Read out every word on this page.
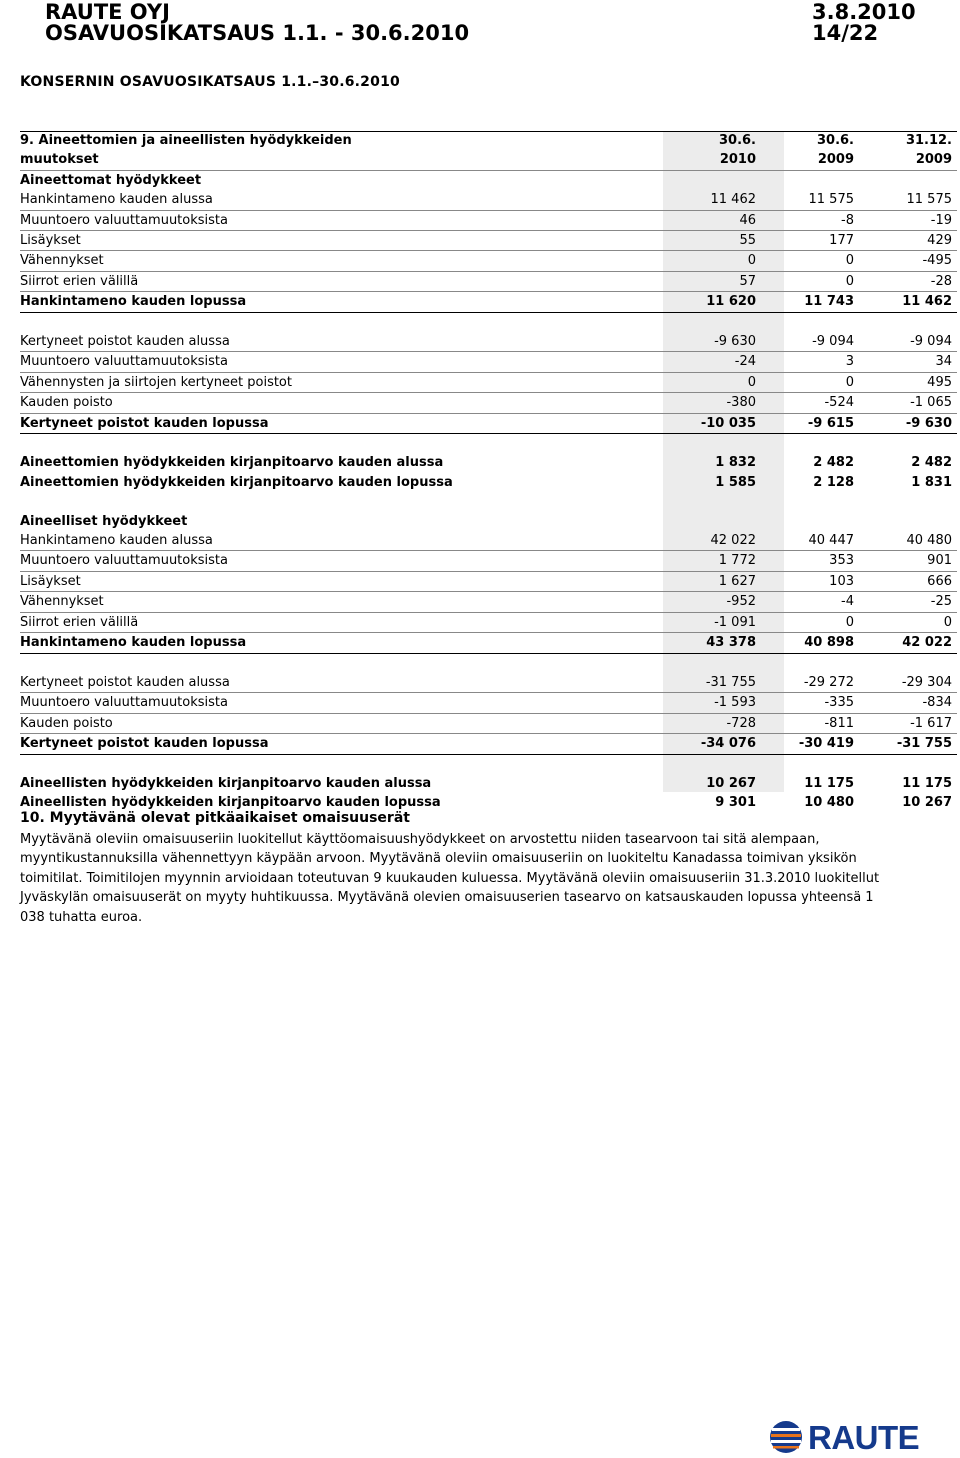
RAUTE OYJ
OSAVUOSIKATSAUS 1.1. - 30.6.2010
3.8.2010
14/22
KONSERNIN OSAVUOSIKATSAUS 1.1.–30.6.2010
9. Aineettomien ja aineellisten hyödykkeiden	30.6.	30.6.	31.12.
muutokset	2010	2009	2009
Aineettomat hyödykkeet			
Hankintameno kauden alussa	11 462	11 575	11 575
Muuntoero valuuttamuutoksista	46	-8	-19
Lisäykset	55	177	429
Vähennykset	0	0	-495
Siirrot erien välillä	57	0	-28
Hankintameno kauden lopussa	11 620	11 743	11 462

Kertyneet poistot kauden alussa	-9 630	-9 094	-9 094
Muuntoero valuuttamuutoksista	-24	3	34
Vähennysten ja siirtojen kertyneet poistot	0	0	495
Kauden poisto	-380	-524	-1 065
Kertyneet poistot kauden lopussa	-10 035	-9 615	-9 630

Aineettomien hyödykkeiden kirjanpitoarvo kauden alussa	1 832	2 482	2 482
Aineettomien hyödykkeiden kirjanpitoarvo kauden lopussa	1 585	2 128	1 831

Aineelliset hyödykkeet			
Hankintameno kauden alussa	42 022	40 447	40 480
Muuntoero valuuttamuutoksista	1 772	353	901
Lisäykset	1 627	103	666
Vähennykset	-952	-4	-25
Siirrot erien välillä	-1 091	0	0
Hankintameno kauden lopussa	43 378	40 898	42 022

Kertyneet poistot kauden alussa	-31 755	-29 272	-29 304
Muuntoero valuuttamuutoksista	-1 593	-335	-834
Kauden poisto	-728	-811	-1 617
Kertyneet poistot kauden lopussa	-34 076	-30 419	-31 755

Aineellisten hyödykkeiden kirjanpitoarvo kauden alussa	10 267	11 175	11 175
Aineellisten hyödykkeiden kirjanpitoarvo kauden lopussa	9 301	10 480	10 267
10. Myytävänä olevat pitkäaikaiset omaisuuserät
Myytävänä oleviin omaisuuseriin luokitellut käyttöomaisuushyödykkeet on arvostettu niiden tasearvoon tai sitä alempaan, myyntikustannuksilla vähennettyyn käypään arvoon. Myytävänä oleviin omaisuuseriin on luokiteltu Kanadassa toimivan yksikön toimitilat. Toimitilojen myynnin arvioidaan toteutuvan 9 kuukauden kuluessa. Myytävänä oleviin omaisuuseriin 31.3.2010 luokitellut Jyväskylän omaisuuserät on myyty huhtikuussa. Myytävänä olevien omaisuuserien tasearvo on katsauskauden lopussa yhteensä 1 038 tuhatta euroa.
RAUTE
